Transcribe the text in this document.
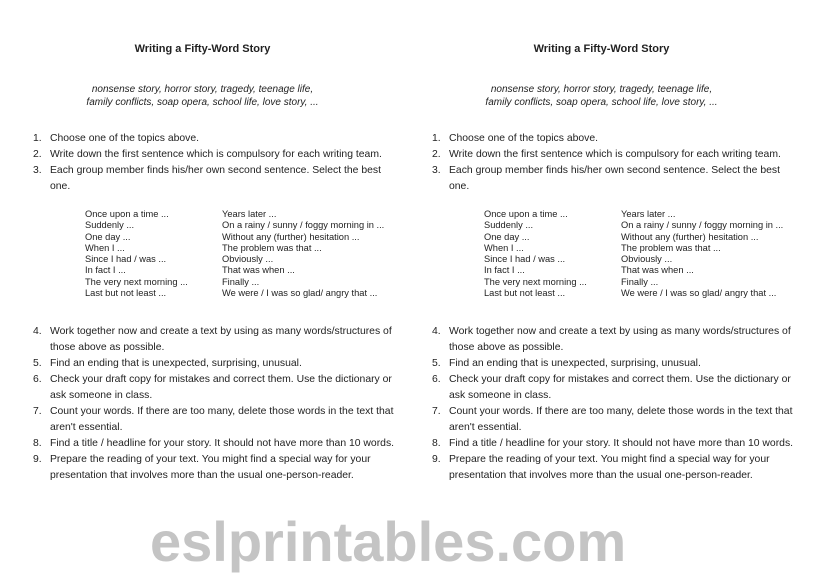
Writing a Fifty-Word Story
nonsense story, horror story, tragedy, teenage life,
family conflicts, soap opera, school life, love story, ...
1. Choose one of the topics above.
2. Write down the first sentence which is compulsory for each writing team.
3. Each group member finds his/her own second sentence. Select the best one.
Once upon a time ...
Suddenly ...
One day ...
When I ...
Since I had / was ...
In fact I ...
The very next morning ...
Last but not least ...
Years later ...
On a rainy / sunny / foggy morning in ...
Without any (further) hesitation ...
The problem was that ...
Obviously ...
That was when ...
Finally ...
We were / I was so glad/ angry that ...
4. Work together now and create a text by using as many words/structures of those above as possible.
5. Find an ending that is unexpected, surprising, unusual.
6. Check your draft copy for mistakes and correct them. Use the dictionary or ask someone in class.
7. Count your words. If there are too many, delete those words in the text that aren't essential.
8. Find a title / headline for your story. It should not have more than 10 words.
9. Prepare the reading of your text. You might find a special way for your presentation that involves more than the usual one-person-reader.
Writing a Fifty-Word Story
nonsense story, horror story, tragedy, teenage life,
family conflicts, soap opera, school life, love story, ...
1. Choose one of the topics above.
2. Write down the first sentence which is compulsory for each writing team.
3. Each group member finds his/her own second sentence. Select the best one.
Once upon a time ...
Suddenly ...
One day ...
When I ...
Since I had / was ...
In fact I ...
The very next morning ...
Last but not least ...
Years later ...
On a rainy / sunny / foggy morning in ...
Without any (further) hesitation ...
The problem was that ...
Obviously ...
That was when ...
Finally ...
We were / I was so glad/ angry that ...
4. Work together now and create a text by using as many words/structures of those above as possible.
5. Find an ending that is unexpected, surprising, unusual.
6. Check your draft copy for mistakes and correct them. Use the dictionary or ask someone in class.
7. Count your words. If there are too many, delete those words in the text that aren't essential.
8. Find a title / headline for your story. It should not have more than 10 words.
9. Prepare the reading of your text. You might find a special way for your presentation that involves more than the usual one-person-reader.
eslprintables.com
